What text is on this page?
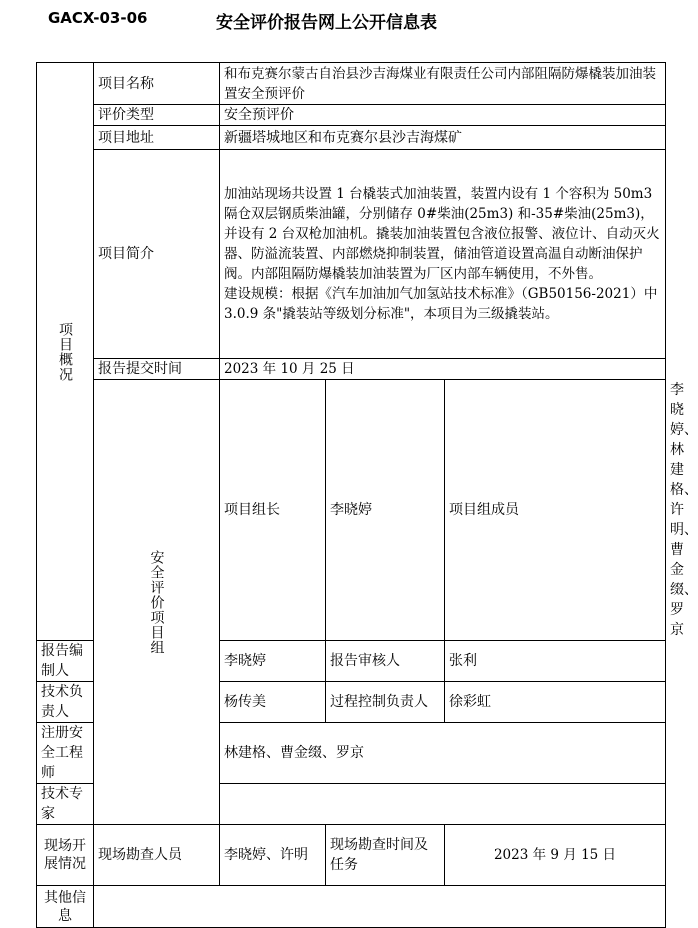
GACX-03-06	安全评价报告网上公开信息表
项目概况	项目名称	和布克赛尔蒙古自治县沙吉海煤业有限责任公司内部阻隔防爆橇装加油装置安全预评价			
	评价类型	安全预评价			
	项目地址	新疆塔城地区和布克赛尔县沙吉海煤矿			
	项目简介	加油站现场共设置 1 台橇装式加油装置，装置内设有 1 个容积为 50m3 隔仓双层钢质柴油罐，分别储存 0#柴油(25m3) 和-35#柴油(25m3)，并设有 2 台双枪加油机。撬装加油装置包含液位报警、液位计、自动灭火器、防溢流装置、内部燃烧抑制装置，储油管道设置高温自动断油保护阀。内部阻隔防爆橇装加油装置为厂区内部车辆使用，不外售。
建设规模：根据《汽车加油加气加氢站技术标准》（GB50156-2021）中 3.0.9 条"撬装站等级划分标准"，本项目为三级撬装站。			

	报告提交时间	2023 年 10 月 25 日			

	安全评价项目组	项目组长	李晓婷	项目组成员	李晓婷、林建格、许明、曹金缀、罗京
报告编制人		李晓婷	报告审核人	张利	
技术负责人		杨传美	过程控制负责人	徐彩虹	
注册安全工程师		林建格、曹金缀、罗京			
技术专家					

现场开展情况	现场勘查人员	李晓婷、许明	现场勘查时间及任务	2023 年 9 月 15 日	
其他信息					
